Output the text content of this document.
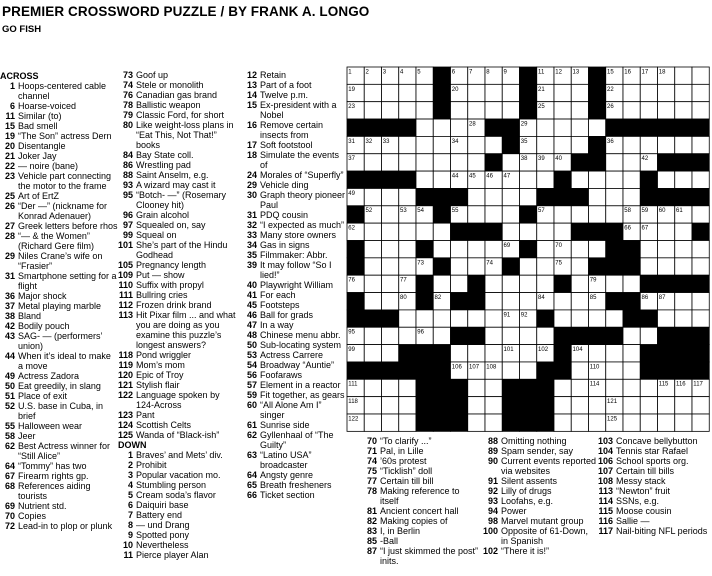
PREMIER CROSSWORD PUZZLE / BY FRANK A. LONGO
GO FISH
ACROSS
1 Hoops-centered cable channel
6 Hoarse-voiced
11 Similar (to)
15 Bad smell
19 “The Son” actress Dern
20 Disentangle
21 Joker Jay
22 — noire (bane)
23 Vehicle part connecting the motor to the frame
25 Art of ErtZ
26 “Der —” (nickname for Konrad Adenauer)
27 Greek letters before rhos
28 “— & the Women” (Richard Gere film)
29 Niles Crane’s wife on “Frasier”
31 Smartphone setting for a flight
36 Major shock
37 Metal playing marble
38 Bland
42 Bodily pouch
43 SAG- — (performers’ union)
44 When it’s ideal to make a move
49 Actress Zadora
50 Eat greedily, in slang
51 Place of exit
52 U.S. base in Cuba, in brief
55 Halloween wear
58 Jeer
62 Best Actress winner for “Still Alice”
64 “Tommy” has two
67 Firearm rights gp.
68 References aiding tourists
69 Nutrient std.
70 Copies
72 Lead-in to plop or plunk
73 Goof up
74 Stele or monolith
76 Canadian gas brand
78 Ballistic weapon
79 Classic Ford, for short
80 Like weight-loss plans in “Eat This, Not That!” books
84 Bay State coll.
86 Wrestling pad
88 Saint Anselm, e.g.
93 A wizard may cast it
95 “Botch- —” (Rosemary Clooney hit)
96 Grain alcohol
97 Squealed on, say
99 Squeal on
101 She’s part of the Hindu Godhead
105 Pregnancy length
109 Put — show
110 Suffix with propyl
111 Bullring cries
112 Frozen drink brand
113 Hit Pixar film ... and what you are doing as you examine this puzzle’s longest answers?
118 Pond wriggler
119 Mom’s mom
120 Epic of Troy
121 Stylish flair
122 Language spoken by 124-Across
123 Pant
124 Scottish Celts
125 Wanda of “Black-ish”
DOWN
1 Braves’ and Mets’ div.
2 Prohibit
3 Popular vacation mo.
4 Stumbling person
5 Cream soda’s flavor
6 Daiquiri base
7 Battery end
8 — und Drang
9 Spotted pony
10 Nevertheless
11 Pierce player Alan
12 Retain
13 Part of a foot
14 Twelve p.m.
15 Ex-president with a Nobel
16 Remove certain insects from
17 Soft footstool
18 Simulate the events of
24 Morales of “Superfly”
29 Vehicle ding
30 Graph theory pioneer Paul
31 PDQ cousin
32 “I expected as much”
33 Many store owners
34 Gas in signs
35 Filmmaker: Abbr.
39 It may follow “So I lied!”
40 Playwright William
41 For each
45 Footsteps
46 Ball for grads
47 In a way
48 Chinese menu abbr.
50 Sub-locating system
53 Actress Carrere
54 Broadway “Auntie”
56 Foofaraws
57 Element in a reactor
59 Fit together, as gears
60 “All Alone Am I” singer
61 Sunrise side
62 Gyllenhaal of “The Guilty”
63 “Latino USA” broadcaster
64 Angsty genre
65 Breath fresheners
66 Ticket section
70 “To clarify ...”
71 Pal, in Lille
74 ’60s protest
75 “Ticklish” doll
77 Certain till bill
78 Making reference to itself
81 Ancient concert hall
82 Making copies of
83 I, in Berlin
85 -Ball
87 “I just skimmed the post” inits.
88 Omitting nothing
89 Spam sender, say
90 Current events reported via websites
91 Silent assents
92 Lilly of drugs
93 Loofahs, e.g.
94 Power
98 Marvel mutant group
100 Opposite of 61-Down, in Spanish
102 “There it is!”
103 Concave bellybutton
104 Tennis star Rafael
106 School sports org.
107 Certain till bills
108 Messy stack
113 “Newton” fruit
114 SSNs, e.g.
115 Moose cousin
116 Sallie —
117 Nail-biting NFL periods
1 2 3 4 5	6 7 8 9 10 11 12 13 14 15 16 17 18
19	20	21	22
23	24	25	26
27	28	29	30
31 32 33	34	35	36
37	38 39 40 41	42
43	44 45 46 47	48
49	50	51
52	53 54	55	56 57	58 59 60 61
62	63	64 65 66 67
68	69	70	71
72	73	74	75
76	77	78	79
80 81 82 83	84	85	86 87
88 89 90	91 92	93 94
95	96	97 98
99	100	101	102 103 104
105	106 107 108	109	110
111	112	113	114	115 116 117
118	119	120	121
122	123	124	125
